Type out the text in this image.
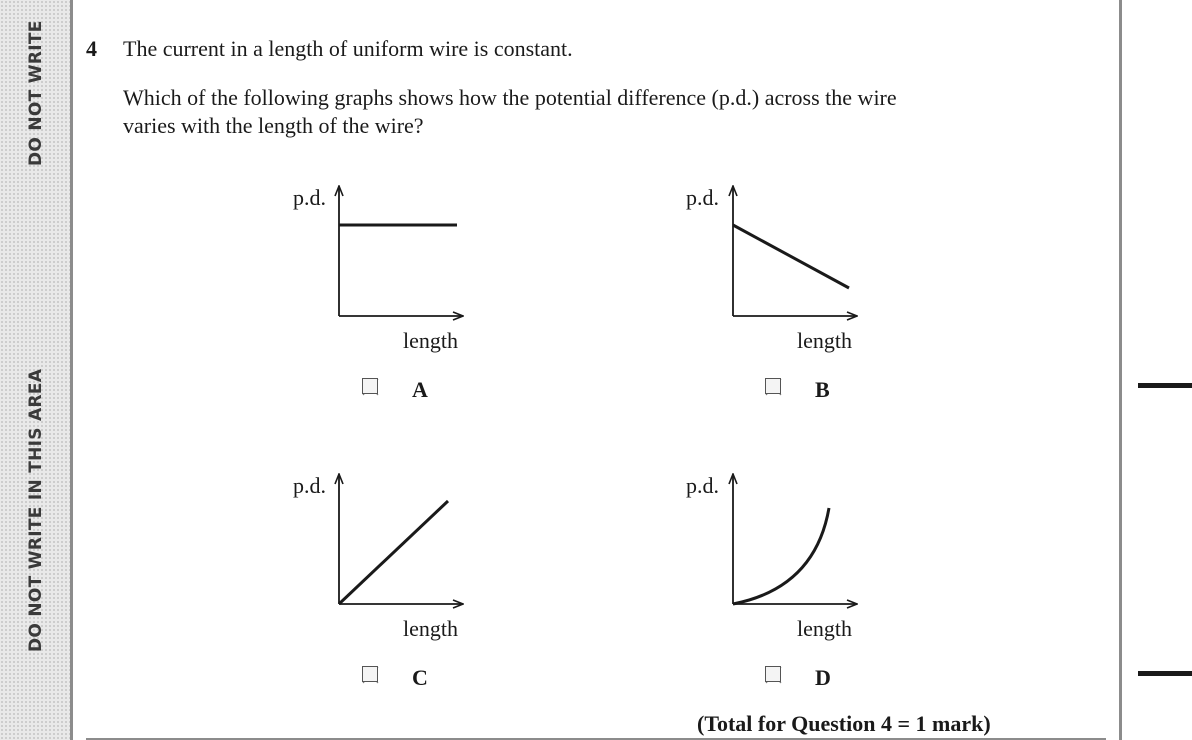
DO NOT WRITE
DO NOT WRITE IN THIS AREA
4 The current in a length of uniform wire is constant.
Which of the following graphs shows how the potential difference (p.d.) across the wire
varies with the length of the wire?
p.d.
length
p.d.
length
p.d.
length
p.d.
length
A	B
C	D
(Total for Question 4 = 1 mark)
